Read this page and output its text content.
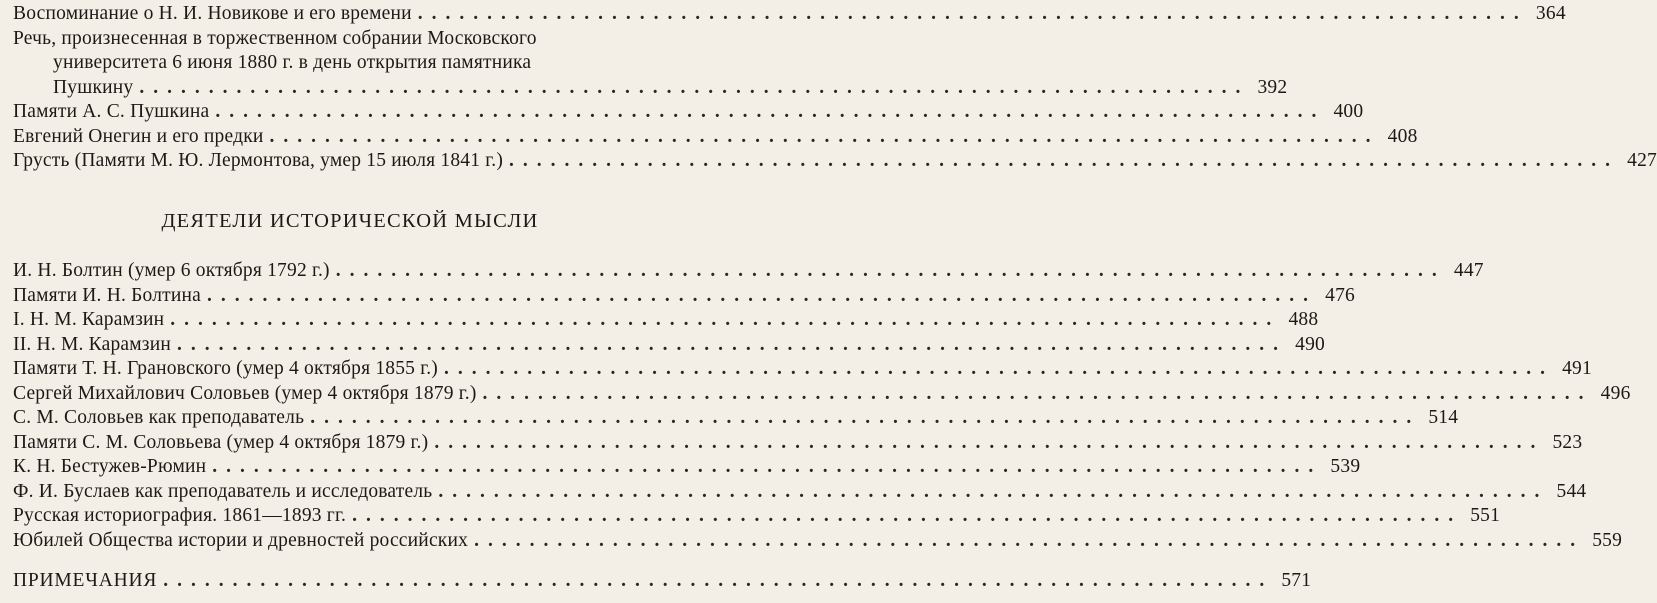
Воспоминание о Н. И. Новикове и его времени ................................................................................ 364
Речь, произнесенная в торжественном собрании Московского
университета 6 июня 1880 г. в день открытия памятника
Пушкину ................................................................................ 392
Памяти А. С. Пушкина ................................................................................ 400
Евгений Онегин и его предки ................................................................................ 408
Грусть (Памяти М. Ю. Лермонтова, умер 15 июля 1841 г.) ................................................................................ 427
ДЕЯТЕЛИ ИСТОРИЧЕСКОЙ МЫСЛИ
И. Н. Болтин (умер 6 октября 1792 г.) ................................................................................ 447
Памяти И. Н. Болтина ................................................................................ 476
I. Н. М. Карамзин ................................................................................ 488
II. Н. М. Карамзин ................................................................................ 490
Памяти Т. Н. Грановского (умер 4 октября 1855 г.) ................................................................................ 491
Сергей Михайлович Соловьев (умер 4 октября 1879 г.) ................................................................................ 496
С. М. Соловьев как преподаватель ................................................................................ 514
Памяти С. М. Соловьева (умер 4 октября 1879 г.) ................................................................................ 523
К. Н. Бестужев-Рюмин ................................................................................ 539
Ф. И. Буслаев как преподаватель и исследователь ................................................................................ 544
Русская историография. 1861—1893 гг. ................................................................................ 551
Юбилей Общества истории и древностей российских ................................................................................ 559
ПРИМЕЧАНИЯ ................................................................................ 571
